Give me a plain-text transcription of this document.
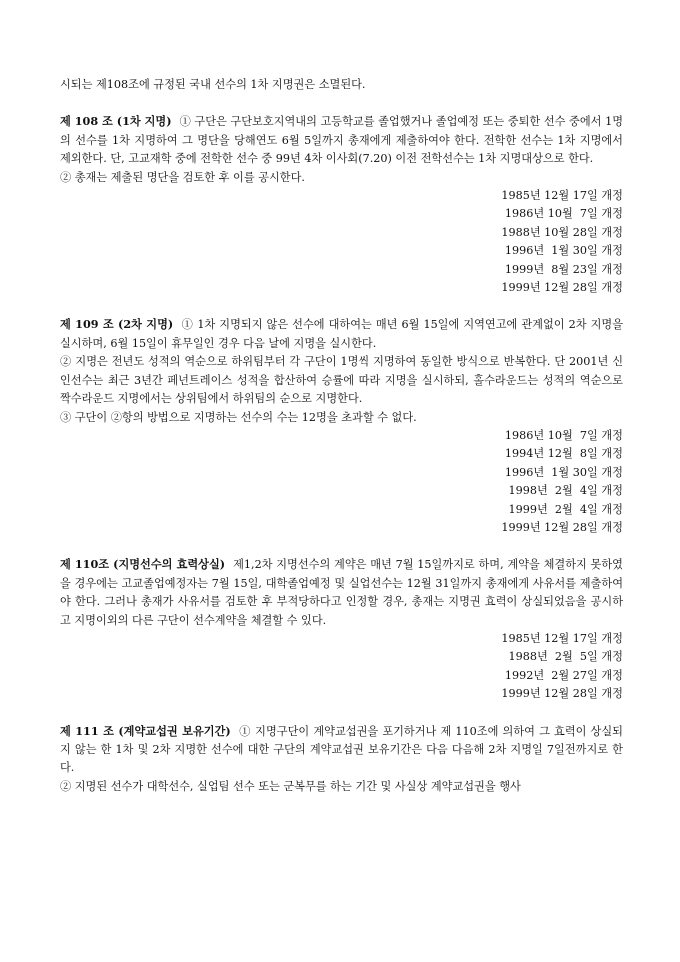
시되는 제108조에 규정된 국내 선수의 1차 지명권은 소멸된다.

제 108 조 (1차 지명) ① 구단은 구단보호지역내의 고등학교를 졸업했거나 졸업예정 또는 중퇴한 선수 중에서 1명의 선수를 1차 지명하여 그 명단을 당해연도 6월 5일까지 총재에게 제출하여야 한다. 전학한 선수는 1차 지명에서 제외한다. 단, 고교재학 중에 전학한 선수 중 99년 4차 이사회(7.20) 이전 전학선수는 1차 지명대상으로 한다.

② 총재는 제출된 명단을 검토한 후 이를 공시한다.

1985년 12월 17일 개정
1986년 10월  7일 개정
1988년 10월 28일 개정
1996년  1월 30일 개정
1999년  8월 23일 개정
1999년 12월 28일 개정

제 109 조 (2차 지명) ① 1차 지명되지 않은 선수에 대하여는 매년 6월 15일에 지역연고에 관계없이 2차 지명을 실시하며, 6월 15일이 휴무일인 경우 다음 날에 지명을 실시한다.

② 지명은 전년도 성적의 역순으로 하위팀부터 각 구단이 1명씩 지명하여 동일한 방식으로 반복한다. 단 2001년 신인선수는 최근 3년간 페넌트레이스 성적을 합산하여 승률에 따라 지명을 실시하되, 홀수라운드는 성적의 역순으로 짝수라운드 지명에서는 상위팀에서 하위팀의 순으로 지명한다.

③ 구단이 ②항의 방법으로 지명하는 선수의 수는 12명을 초과할 수 없다.

1986년 10월  7일 개정
1994년 12월  8일 개정
1996년  1월 30일 개정
1998년  2월  4일 개정
1999년  2월  4일 개정
1999년 12월 28일 개정

제 110조 (지명선수의 효력상실) 제1,2차 지명선수의 계약은 매년 7월 15일까지로 하며, 계약을 체결하지 못하였을 경우에는 고교졸업예정자는 7월 15일, 대학졸업예정 및 실업선수는 12월 31일까지 총재에게 사유서를 제출하여야 한다. 그러나 총재가 사유서를 검토한 후 부적당하다고 인정할 경우, 총재는 지명권 효력이 상실되었음을 공시하고 지명이외의 다른 구단이 선수계약을 체결할 수 있다.

1985년 12월 17일 개정
1988년  2월  5일 개정
1992년  2월 27일 개정
1999년 12월 28일 개정

제 111 조 (계약교섭권 보유기간) ① 지명구단이 계약교섭권을 포기하거나 제 110조에 의하여 그 효력이 상실되지 않는 한 1차 및 2차 지명한 선수에 대한 구단의 계약교섭권 보유기간은 다음 다음해 2차 지명일 7일전까지로 한다.

② 지명된 선수가 대학선수, 실업팀 선수 또는 군복무를 하는 기간 및 사실상 계약교섭권을 행사
